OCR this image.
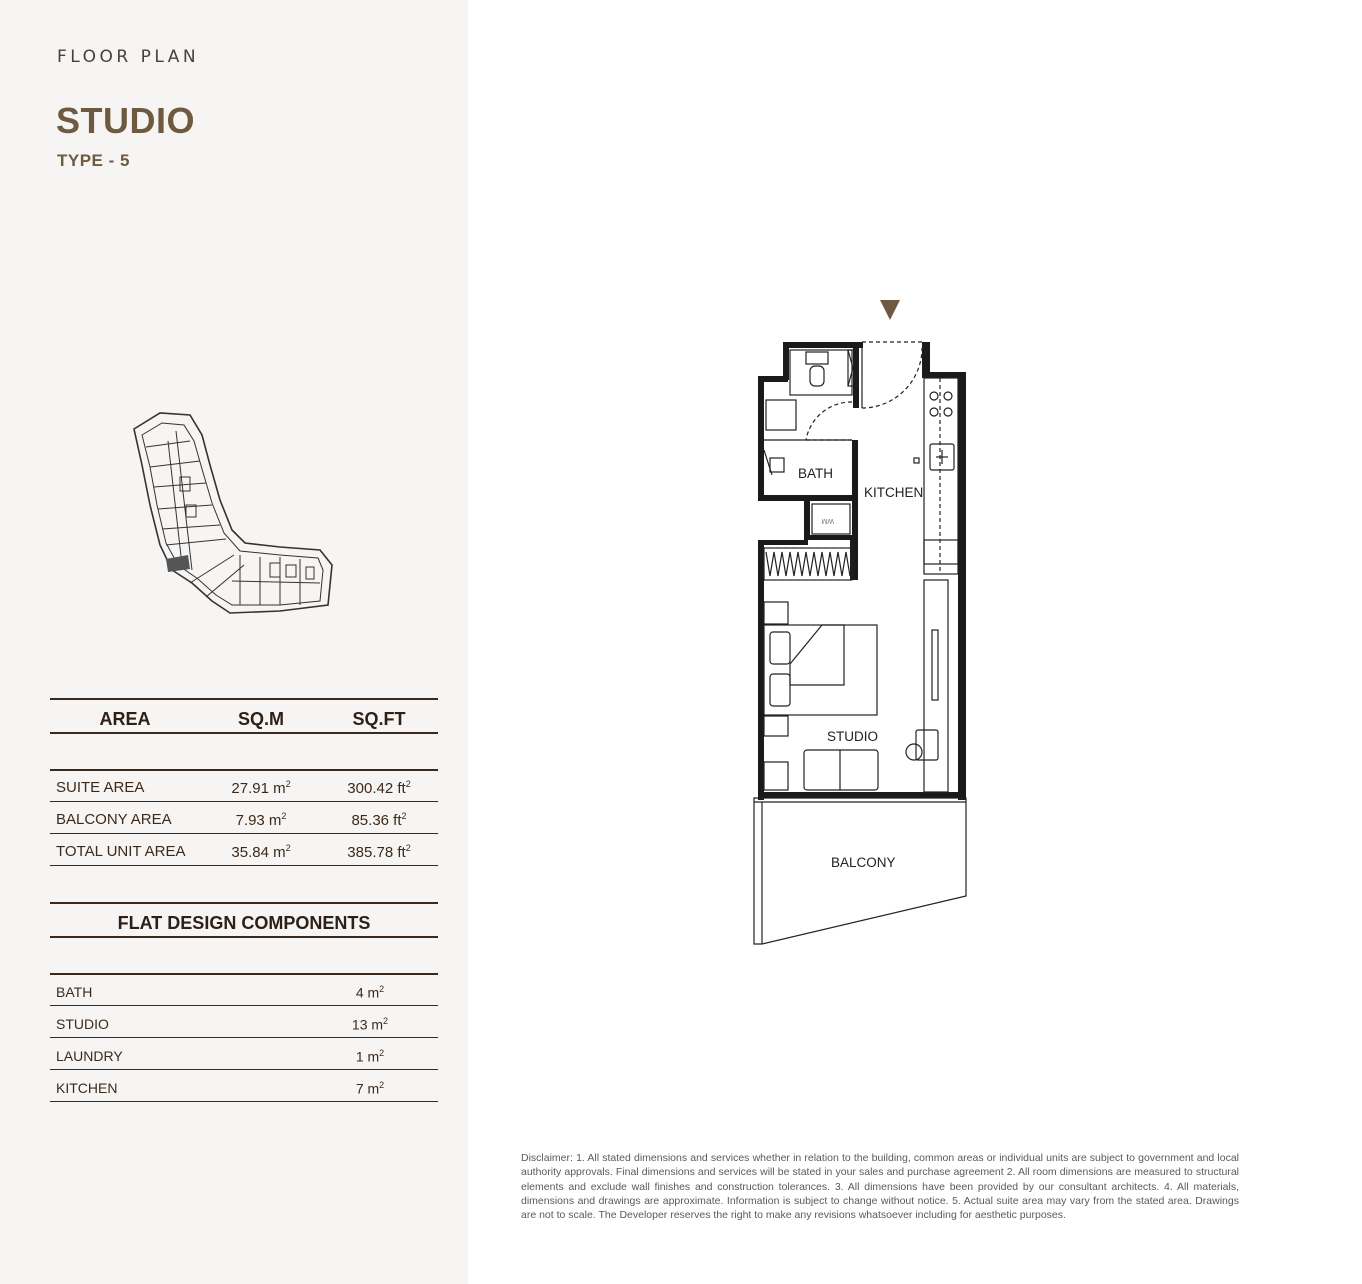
FLOOR PLAN
STUDIO
TYPE - 5
AREA	SQ.M	SQ.FT
SUITE AREA	27.91 $m^2$	300.42 $ft^2$
BALCONY AREA	7.93 $m^2$	85.36 $ft^2$
TOTAL UNIT AREA	35.84 $m^2$	385.78 $ft^2$
FLAT DESIGN COMPONENTS
BATH	4 $m^2$
STUDIO	13 $m^2$
LAUNDRY	1 $m^2$
KITCHEN	7 $m^2$
BATH
KITCHEN
STUDIO
BALCONY
WM
Disclaimer: 1. All stated dimensions and services whether in relation to the building, common areas or individual units are subject to government and local authority approvals. Final dimensions and services will be stated in your sales and purchase agreement 2. All room dimensions are measured to structural elements and exclude wall finishes and construction tolerances. 3. All dimensions have been provided by our consultant architects. 4. All materials, dimensions and drawings are approximate. Information is subject to change without notice. 5. Actual suite area may vary from the stated area. Drawings are not to scale. The Developer reserves the right to make any revisions whatsoever including for aesthetic purposes.
